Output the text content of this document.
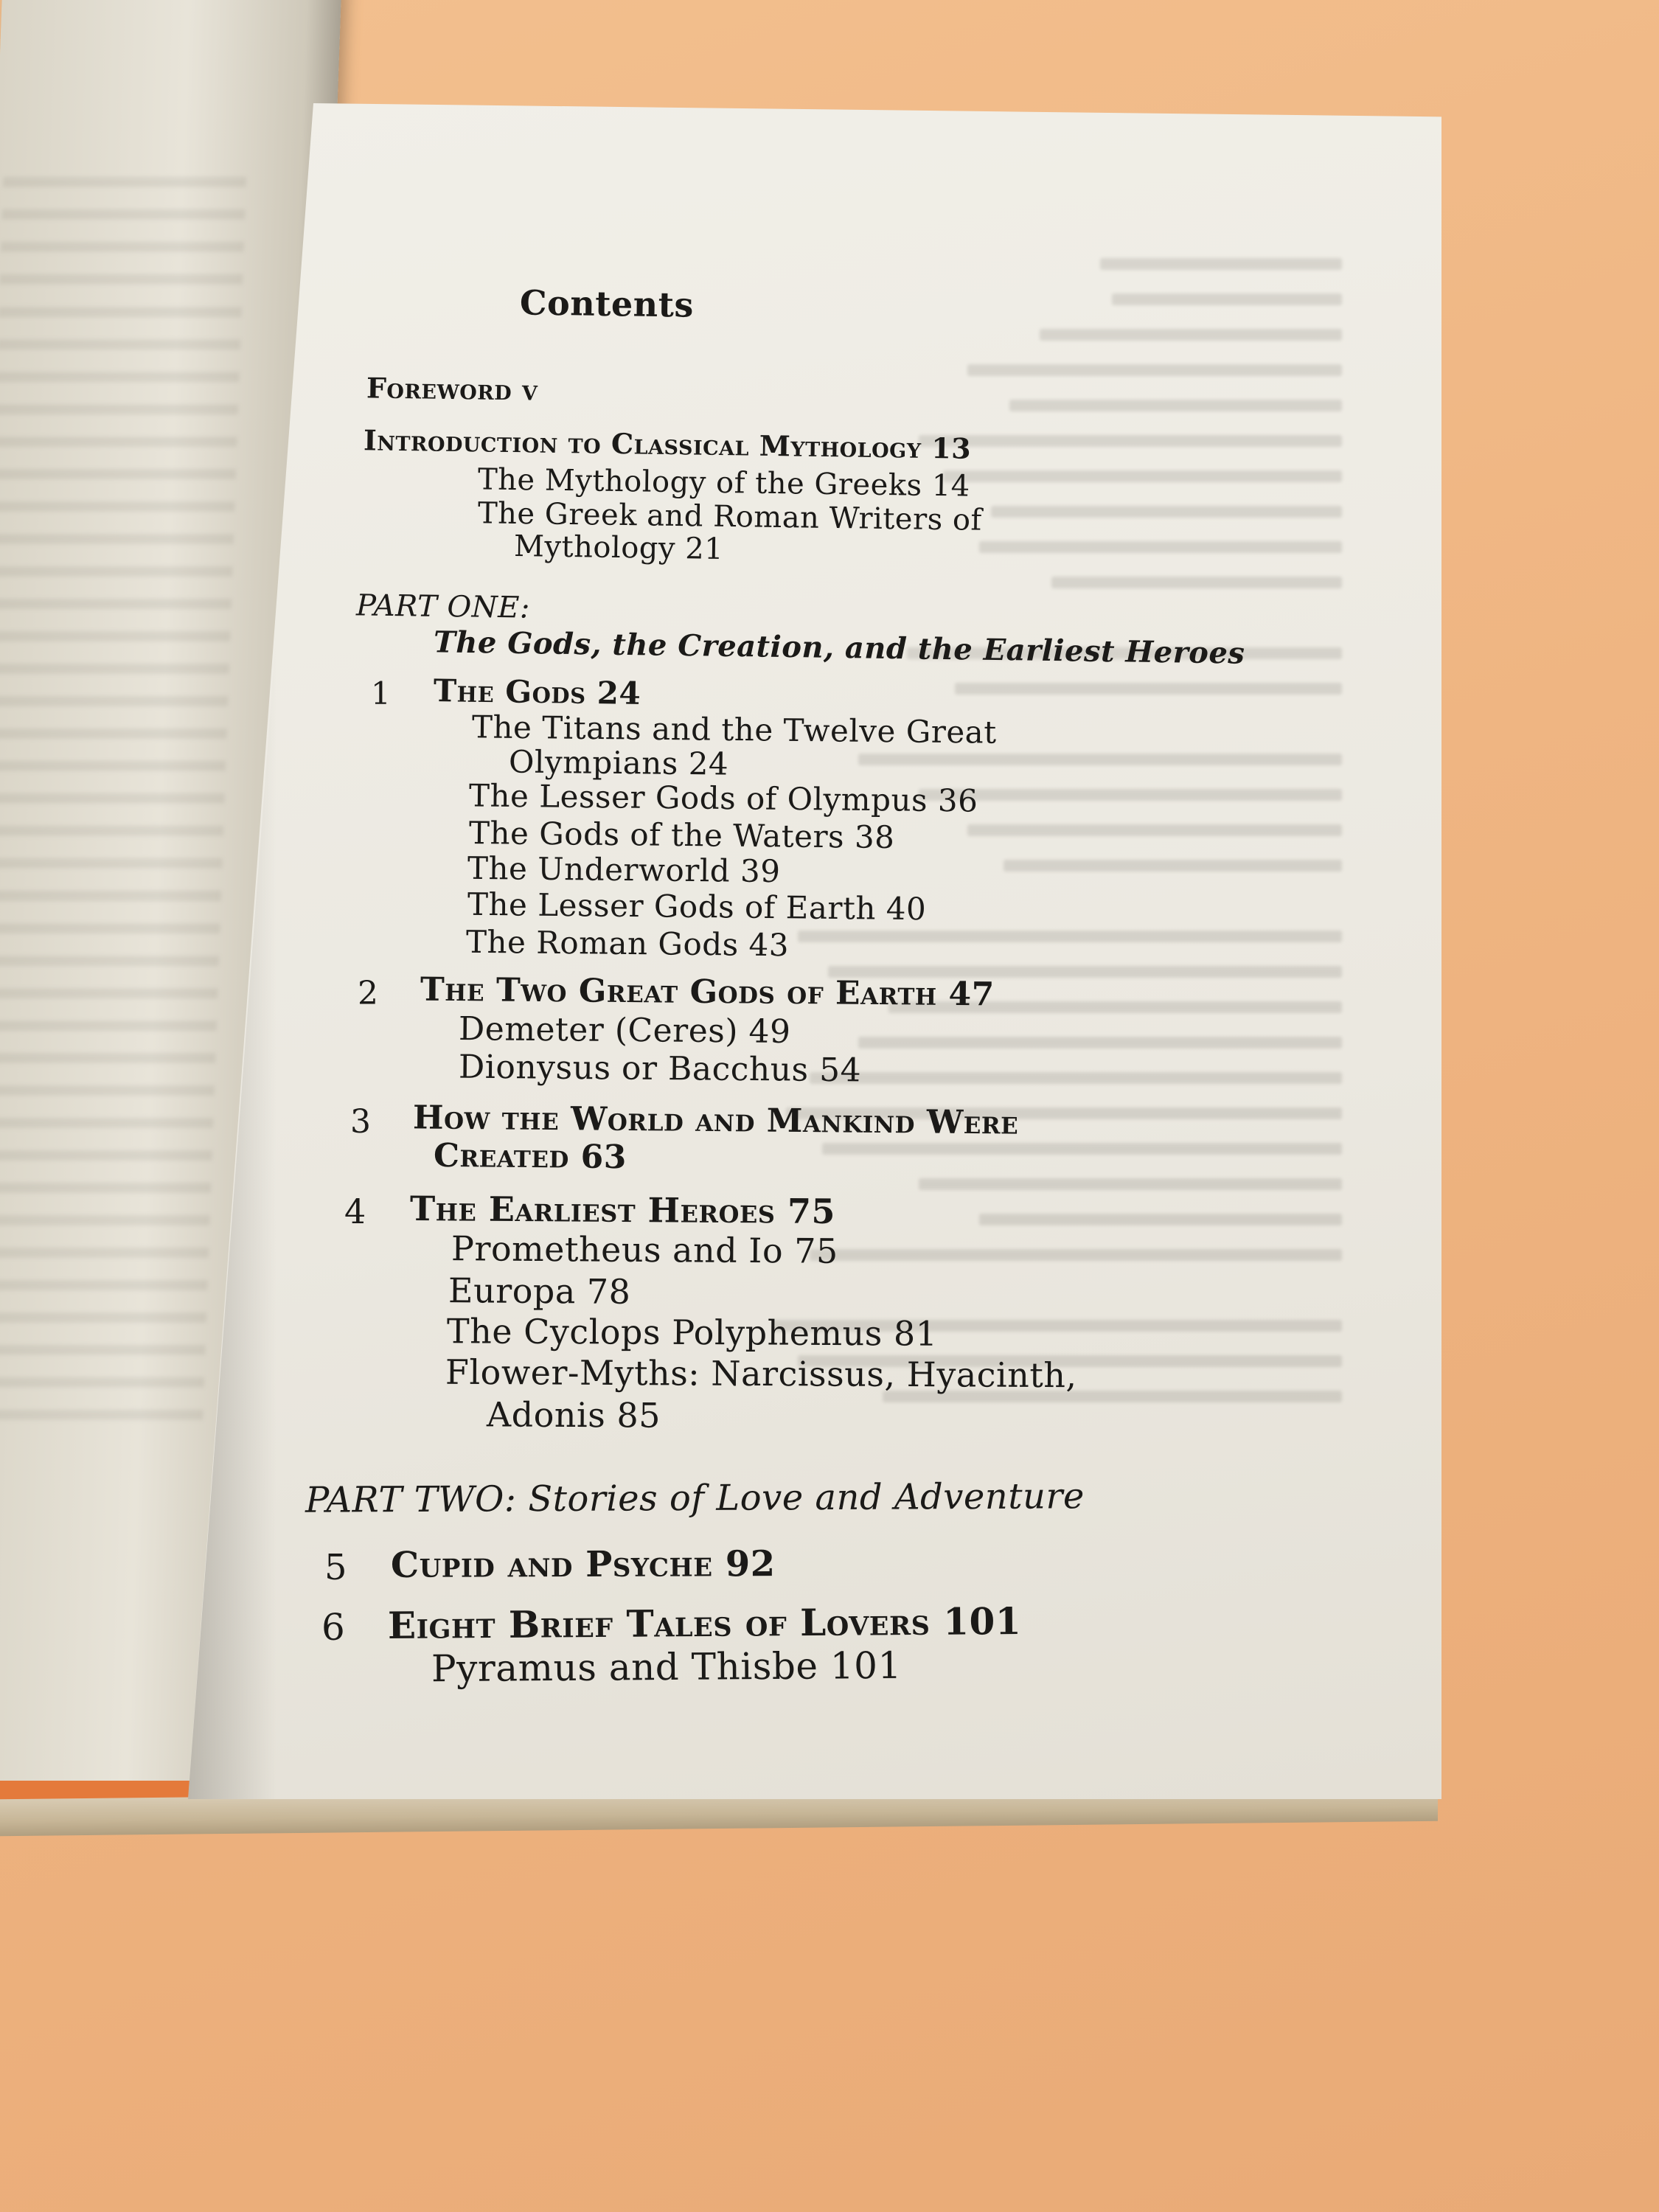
Contents
Foreword v
Introduction to Classical Mythology 13
The Mythology of the Greeks 14
The Greek and Roman Writers of
Mythology 21
PART ONE:
The Gods, the Creation, and the Earliest Heroes
1 The Gods 24
The Titans and the Twelve Great
Olympians 24
The Lesser Gods of Olympus 36
The Gods of the Waters 38
The Underworld 39
The Lesser Gods of Earth 40
The Roman Gods 43
2 The Two Great Gods of Earth 47
Demeter (Ceres) 49
Dionysus or Bacchus 54
3 How the World and Mankind Were
Created 63
4 The Earliest Heroes 75
Prometheus and Io 75
Europa 78
The Cyclops Polyphemus 81
Flower-Myths: Narcissus, Hyacinth,
Adonis 85
PART TWO: Stories of Love and Adventure
5 Cupid and Psyche 92
6 Eight Brief Tales of Lovers 101
Pyramus and Thisbe 101
